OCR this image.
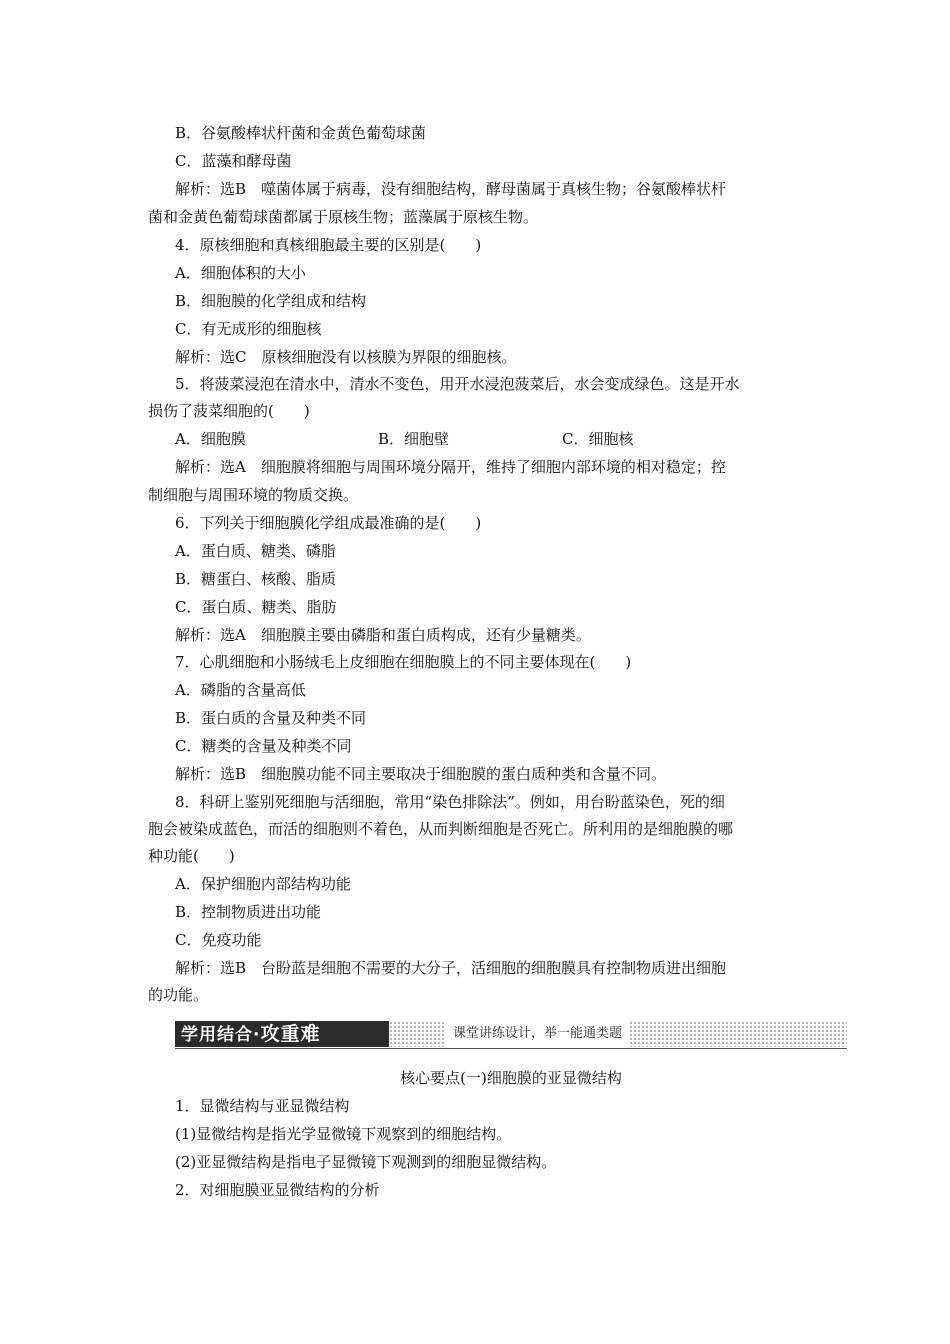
B．谷氨酸棒状杆菌和金黄色葡萄球菌
C．蓝藻和酵母菌
解析：选B　噬菌体属于病毒，没有细胞结构，酵母菌属于真核生物；谷氨酸棒状杆
菌和金黄色葡萄球菌都属于原核生物；蓝藻属于原核生物。
4．原核细胞和真核细胞最主要的区别是(　　)
A．细胞体积的大小
B．细胞膜的化学组成和结构
C．有无成形的细胞核
解析：选C　原核细胞没有以核膜为界限的细胞核。
5．将菠菜浸泡在清水中，清水不变色，用开水浸泡菠菜后，水会变成绿色。这是开水
损伤了菠菜细胞的(　　)
A．细胞膜	B．细胞壁	C．细胞核
解析：选A　细胞膜将细胞与周围环境分隔开，维持了细胞内部环境的相对稳定；控
制细胞与周围环境的物质交换。
6．下列关于细胞膜化学组成最准确的是(　　)
A．蛋白质、糖类、磷脂
B．糖蛋白、核酸、脂质
C．蛋白质、糖类、脂肪
解析：选A　细胞膜主要由磷脂和蛋白质构成，还有少量糖类。
7．心肌细胞和小肠绒毛上皮细胞在细胞膜上的不同主要体现在(　　)
A．磷脂的含量高低
B．蛋白质的含量及种类不同
C．糖类的含量及种类不同
解析：选B　细胞膜功能不同主要取决于细胞膜的蛋白质种类和含量不同。
8．科研上鉴别死细胞与活细胞，常用“染色排除法”。例如，用台盼蓝染色，死的细
胞会被染成蓝色，而活的细胞则不着色，从而判断细胞是否死亡。所利用的是细胞膜的哪
种功能(　　)
A．保护细胞内部结构功能
B．控制物质进出功能
C．免疫功能
解析：选B　台盼蓝是细胞不需要的大分子，活细胞的细胞膜具有控制物质进出细胞
的功能。
学用结合·攻重难	课堂讲练设计，举一能通类题
核心要点(一)细胞膜的亚显微结构
1．显微结构与亚显微结构
(1)显微结构是指光学显微镜下观察到的细胞结构。
(2)亚显微结构是指电子显微镜下观测到的细胞显微结构。
2．对细胞膜亚显微结构的分析
